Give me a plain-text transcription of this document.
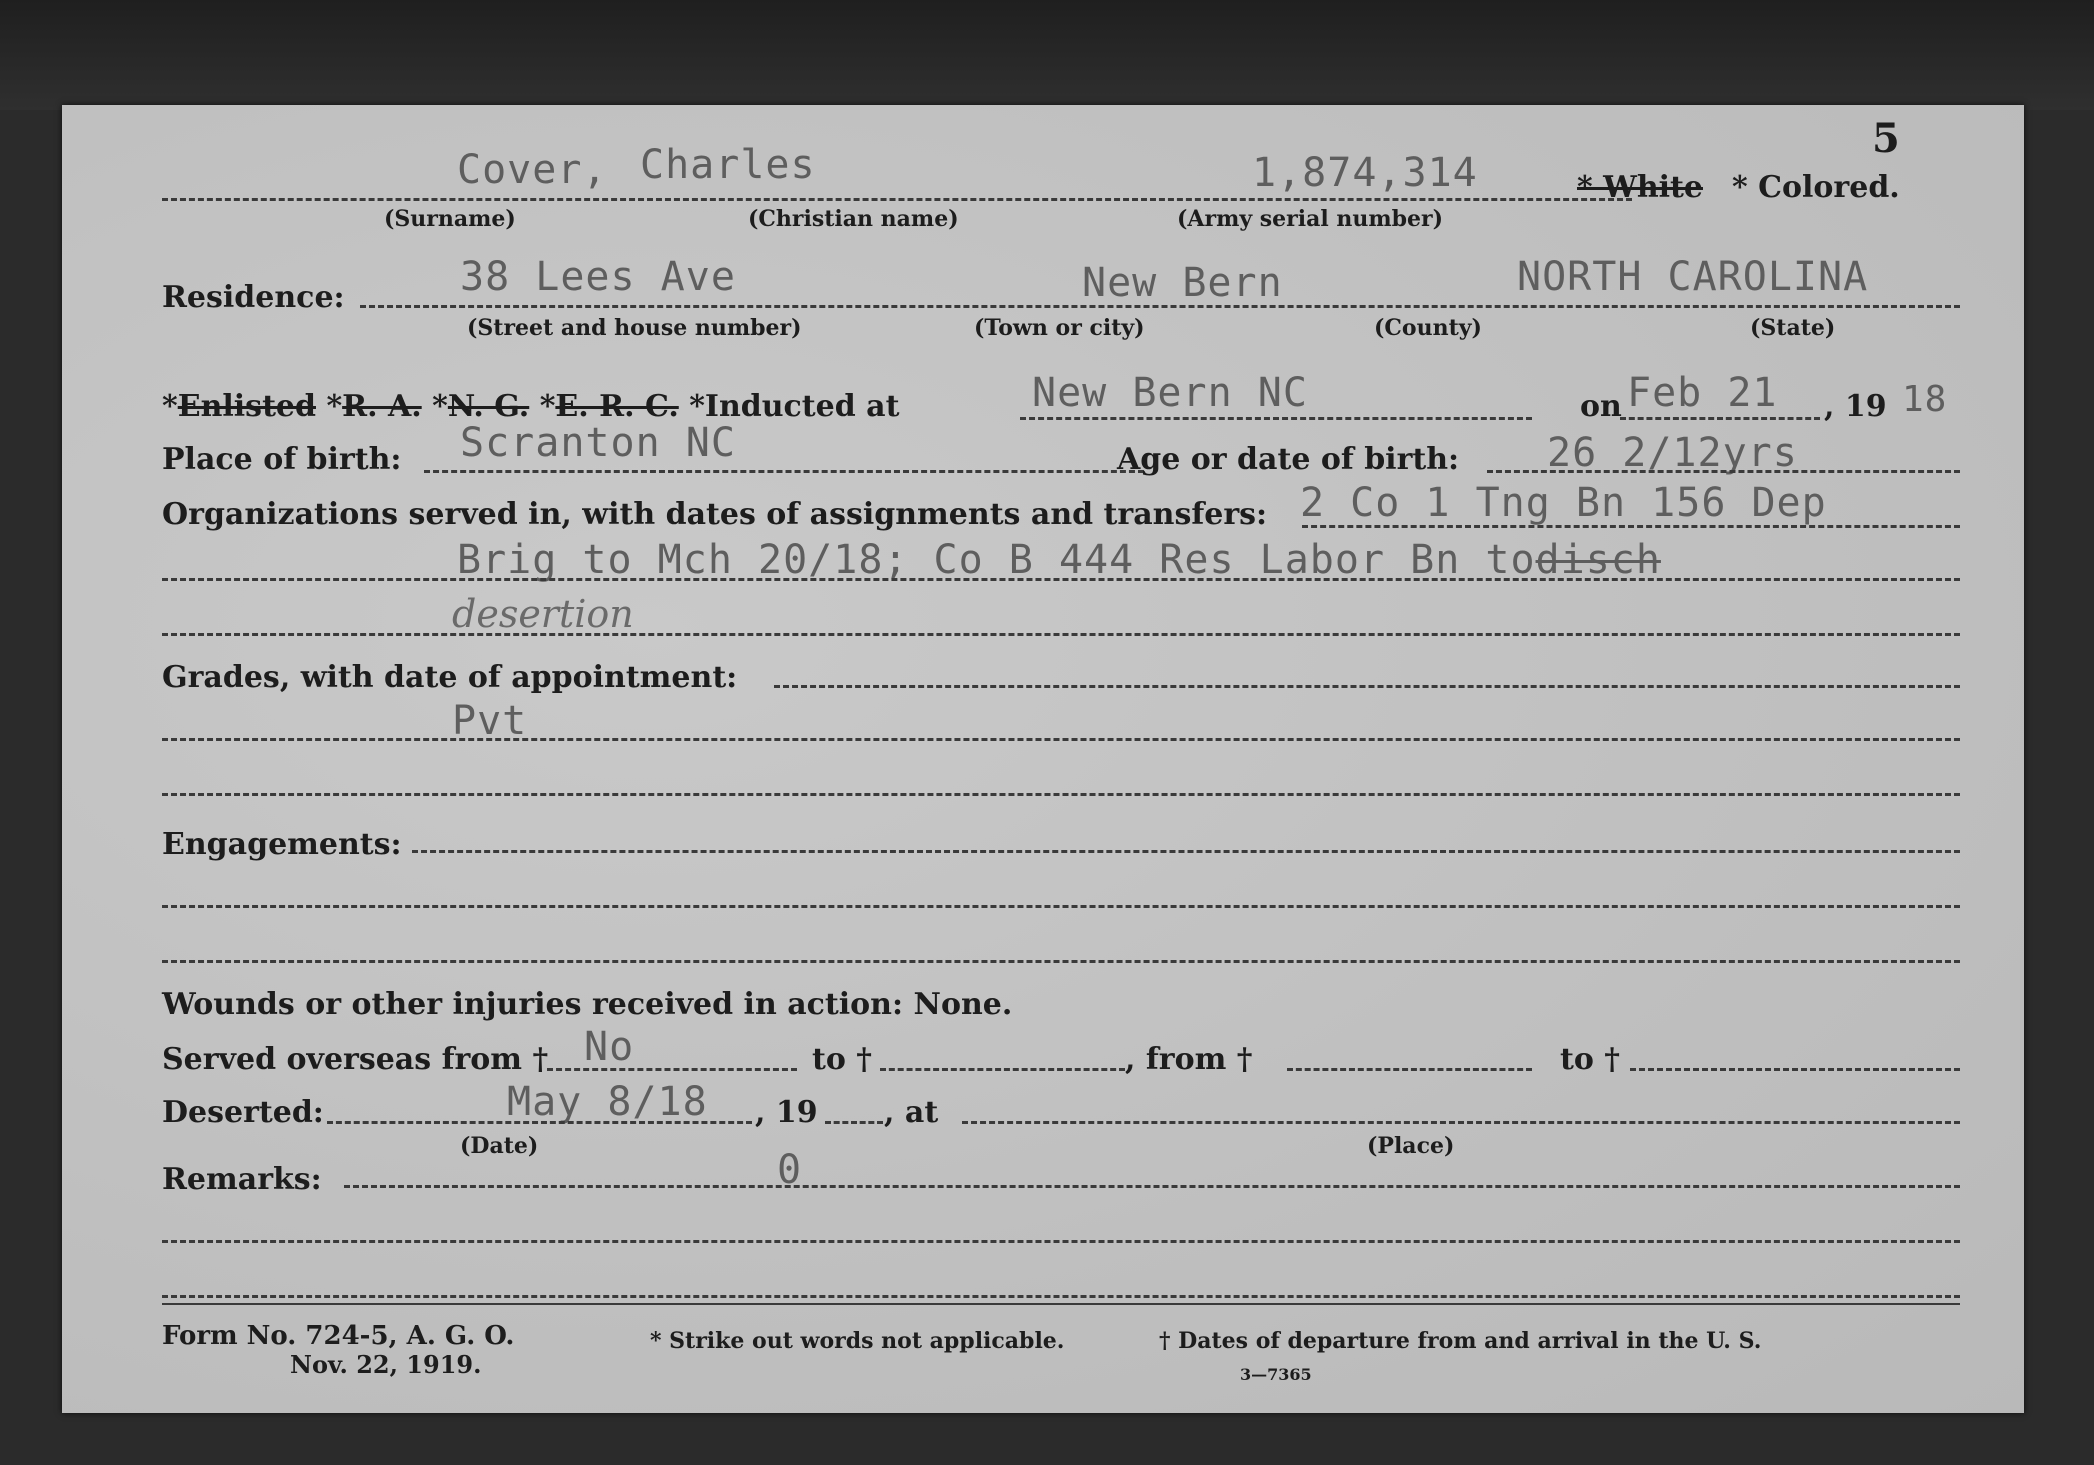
5
Cover, Charles	1,874,314	* White * Colored.
(Surname)	(Christian name)	(Army serial number)
Residence:	38 Lees Ave	New Bern	NORTH CAROLINA
(Street and house number)	(Town or city)	(County)	(State)
*Enlisted *R. A. *N. G. *E. R. C. *Inducted at	New Bern NC	on Feb 21 , 19 18
Place of birth: Scranton NC	Age or date of birth: 26 2/12yrs
Organizations served in, with dates of assignments and transfers: 2 Co 1 Tng Bn 156 Dep
Brig to Mch 20/18; Co B 444 Res Labor Bn todisch
desertion
Grades, with date of appointment:
Pvt
Engagements:
Wounds or other injuries received in action: None.
Served overseas from † No	to †	, from †	to †
Deserted:	May 8/18 , 19 , at
(Date)	(Place)
Remarks:	0
Form No. 724-5, A. G. O.
Nov. 22, 1919.
* Strike out words not applicable.	† Dates of departure from and arrival in the U. S.
3—7365
